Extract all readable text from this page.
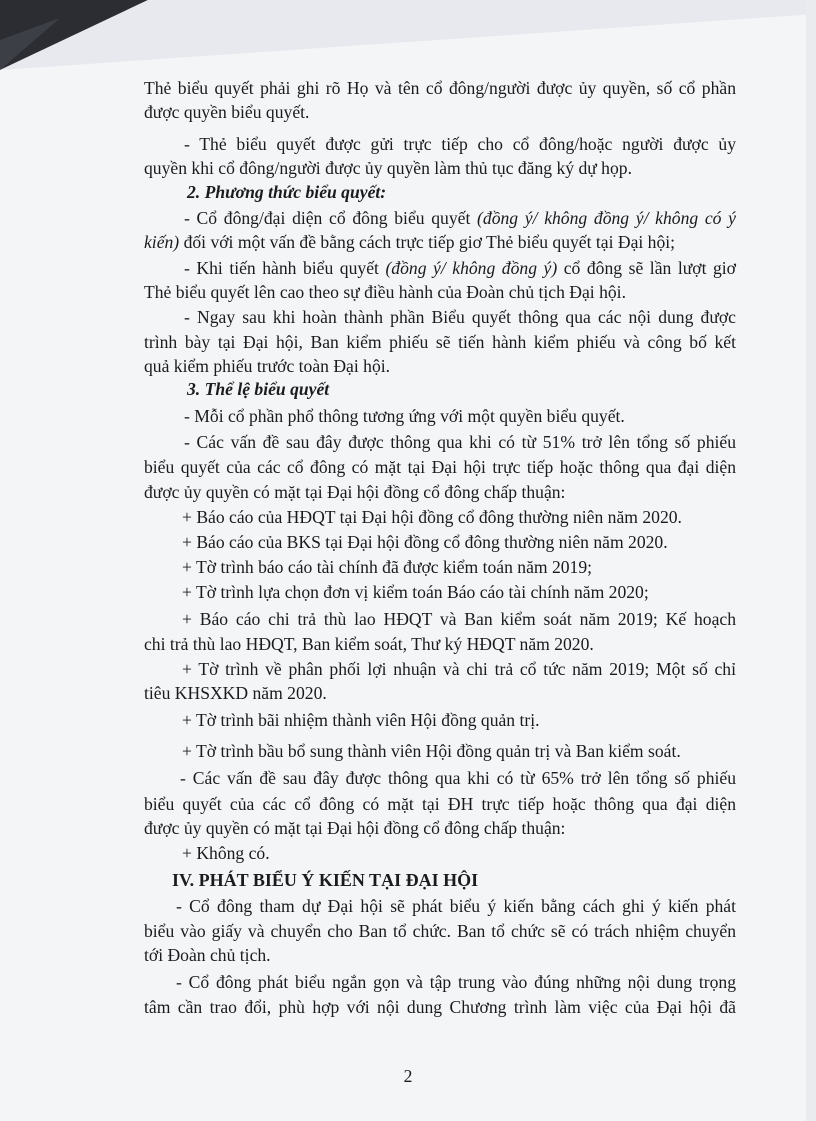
Thẻ biểu quyết phải ghi rõ Họ và tên cổ đông/người được ủy quyền, số cổ phần
được quyền biểu quyết.
- Thẻ biểu quyết được gửi trực tiếp cho cổ đông/hoặc người được ủy
quyền khi cổ đông/người được ủy quyền làm thủ tục đăng ký dự họp.
2. Phương thức biểu quyết:
- Cổ đông/đại diện cổ đông biểu quyết (đồng ý/ không đồng ý/ không có ý
kiến) đối với một vấn đề bằng cách trực tiếp giơ Thẻ biểu quyết tại Đại hội;
- Khi tiến hành biểu quyết (đồng ý/ không đồng ý) cổ đông sẽ lần lượt giơ
Thẻ biểu quyết lên cao theo sự điều hành của Đoàn chủ tịch Đại hội.
- Ngay sau khi hoàn thành phần Biểu quyết thông qua các nội dung được
trình bày tại Đại hội, Ban kiểm phiếu sẽ tiến hành kiểm phiếu và công bố kết
quả kiểm phiếu trước toàn Đại hội.
3. Thể lệ biểu quyết
- Mỗi cổ phần phổ thông tương ứng với một quyền biểu quyết.
- Các vấn đề sau đây được thông qua khi có từ 51% trở lên tổng số phiếu
biểu quyết của các cổ đông có mặt tại Đại hội trực tiếp hoặc thông qua đại diện
được ủy quyền có mặt tại Đại hội đồng cổ đông chấp thuận:
+ Báo cáo của HĐQT tại Đại hội đồng cổ đông thường niên năm 2020.
+ Báo cáo của BKS tại Đại hội đồng cổ đông thường niên năm 2020.
+ Tờ trình báo cáo tài chính đã được kiểm toán năm 2019;
+ Tờ trình lựa chọn đơn vị kiểm toán Báo cáo tài chính năm 2020;
+ Báo cáo chi trả thù lao HĐQT và Ban kiểm soát năm 2019; Kế hoạch
chi trả thù lao HĐQT, Ban kiểm soát, Thư ký HĐQT năm 2020.
+ Tờ trình về phân phối lợi nhuận và chi trả cổ tức năm 2019; Một số chỉ
tiêu KHSXKD năm 2020.
+ Tờ trình bãi nhiệm thành viên Hội đồng quản trị.
+ Tờ trình bầu bổ sung thành viên Hội đồng quản trị và Ban kiểm soát.
- Các vấn đề sau đây được thông qua khi có từ 65% trở lên tổng số phiếu
biểu quyết của các cổ đông có mặt tại ĐH trực tiếp hoặc thông qua đại diện
được ủy quyền có mặt tại Đại hội đồng cổ đông chấp thuận:
+ Không có.
IV. PHÁT BIỂU Ý KIẾN TẠI ĐẠI HỘI
- Cổ đông tham dự Đại hội sẽ phát biểu ý kiến bằng cách ghi ý kiến phát
biểu vào giấy và chuyển cho Ban tổ chức. Ban tổ chức sẽ có trách nhiệm chuyển
tới Đoàn chủ tịch.
- Cổ đông phát biểu ngắn gọn và tập trung vào đúng những nội dung trọng
tâm cần trao đổi, phù hợp với nội dung Chương trình làm việc của Đại hội đã
2
